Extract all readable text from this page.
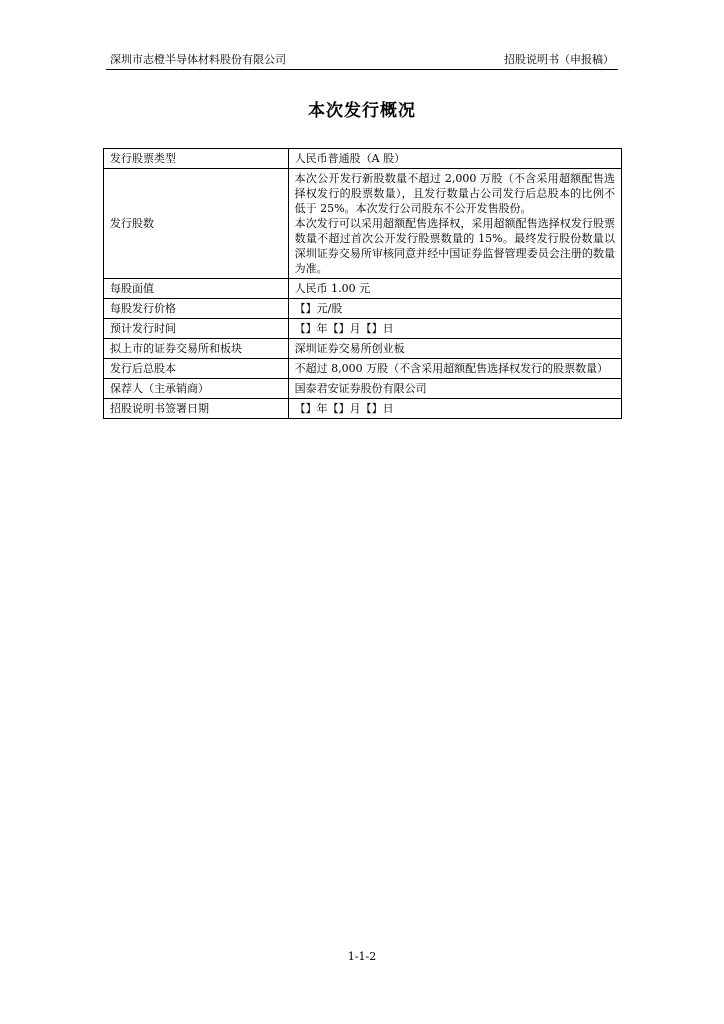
深圳市志橙半导体材料股份有限公司	招股说明书（申报稿）
本次发行概况
发行股票类型	人民币普通股（A 股）

发行股数	本次公开发行新股数量不超过 2,000 万股（不含采用超额配售选择权发行的股票数量），且发行数量占公司发行后总股本的比例不低于 25%。本次发行公司股东不公开发售股份。
本次发行可以采用超额配售选择权，采用超额配售选择权发行股票数量不超过首次公开发行股票数量的 15%。最终发行股份数量以深圳证券交易所审核同意并经中国证券监督管理委员会注册的数量为准。

每股面值	人民币 1.00 元

每股发行价格	【】元/股

预计发行时间	【】年【】月【】日

拟上市的证券交易所和板块	深圳证券交易所创业板

发行后总股本	不超过 8,000 万股（不含采用超额配售选择权发行的股票数量）

保荐人（主承销商）	国泰君安证券股份有限公司

招股说明书签署日期	【】年【】月【】日
1-1-2
